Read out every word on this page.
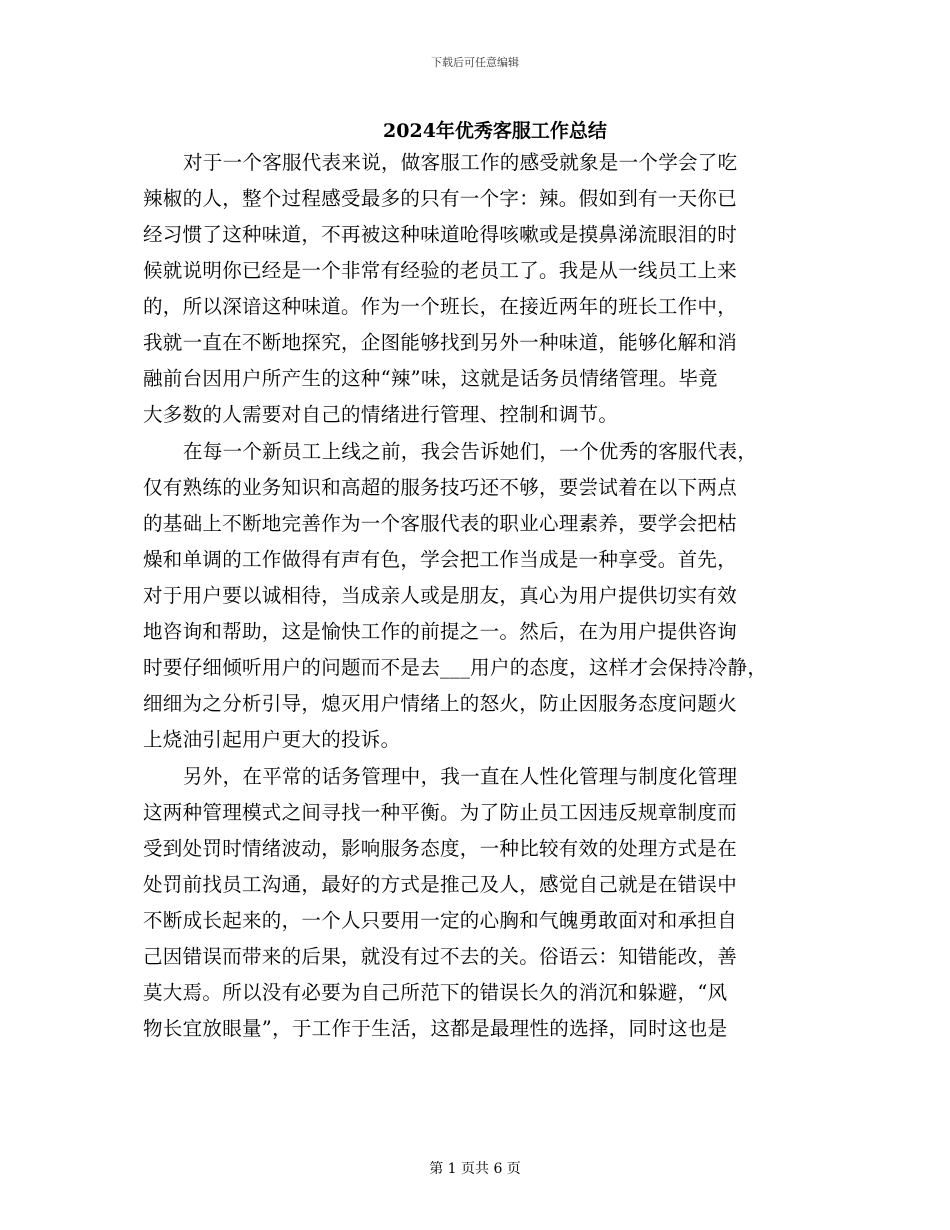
下载后可任意编辑
2024年优秀客服工作总结
对于一个客服代表来说，做客服工作的感受就象是一个学会了吃
辣椒的人，整个过程感受最多的只有一个字：辣。假如到有一天你已
经习惯了这种味道，不再被这种味道呛得咳嗽或是摸鼻涕流眼泪的时
候就说明你已经是一个非常有经验的老员工了。我是从一线员工上来
的，所以深谙这种味道。作为一个班长，在接近两年的班长工作中，
我就一直在不断地探究，企图能够找到另外一种味道，能够化解和消
融前台因用户所产生的这种“辣”味，这就是话务员情绪管理。毕竟
大多数的人需要对自己的情绪进行管理、控制和调节。
在每一个新员工上线之前，我会告诉她们，一个优秀的客服代表，
仅有熟练的业务知识和高超的服务技巧还不够，要尝试着在以下两点
的基础上不断地完善作为一个客服代表的职业心理素养，要学会把枯
燥和单调的工作做得有声有色，学会把工作当成是一种享受。首先，
对于用户要以诚相待，当成亲人或是朋友，真心为用户提供切实有效
地咨询和帮助，这是愉快工作的前提之一。然后，在为用户提供咨询
时要仔细倾听用户的问题而不是去___用户的态度，这样才会保持冷静，
细细为之分析引导，熄灭用户情绪上的怒火，防止因服务态度问题火
上烧油引起用户更大的投诉。
另外，在平常的话务管理中，我一直在人性化管理与制度化管理
这两种管理模式之间寻找一种平衡。为了防止员工因违反规章制度而
受到处罚时情绪波动，影响服务态度，一种比较有效的处理方式是在
处罚前找员工沟通，最好的方式是推己及人，感觉自己就是在错误中
不断成长起来的，一个人只要用一定的心胸和气魄勇敢面对和承担自
己因错误而带来的后果，就没有过不去的关。俗语云：知错能改，善
莫大焉。所以没有必要为自己所范下的错误长久的消沉和躲避，“风
物长宜放眼量”，于工作于生活，这都是最理性的选择，同时这也是
第 1 页共 6 页
